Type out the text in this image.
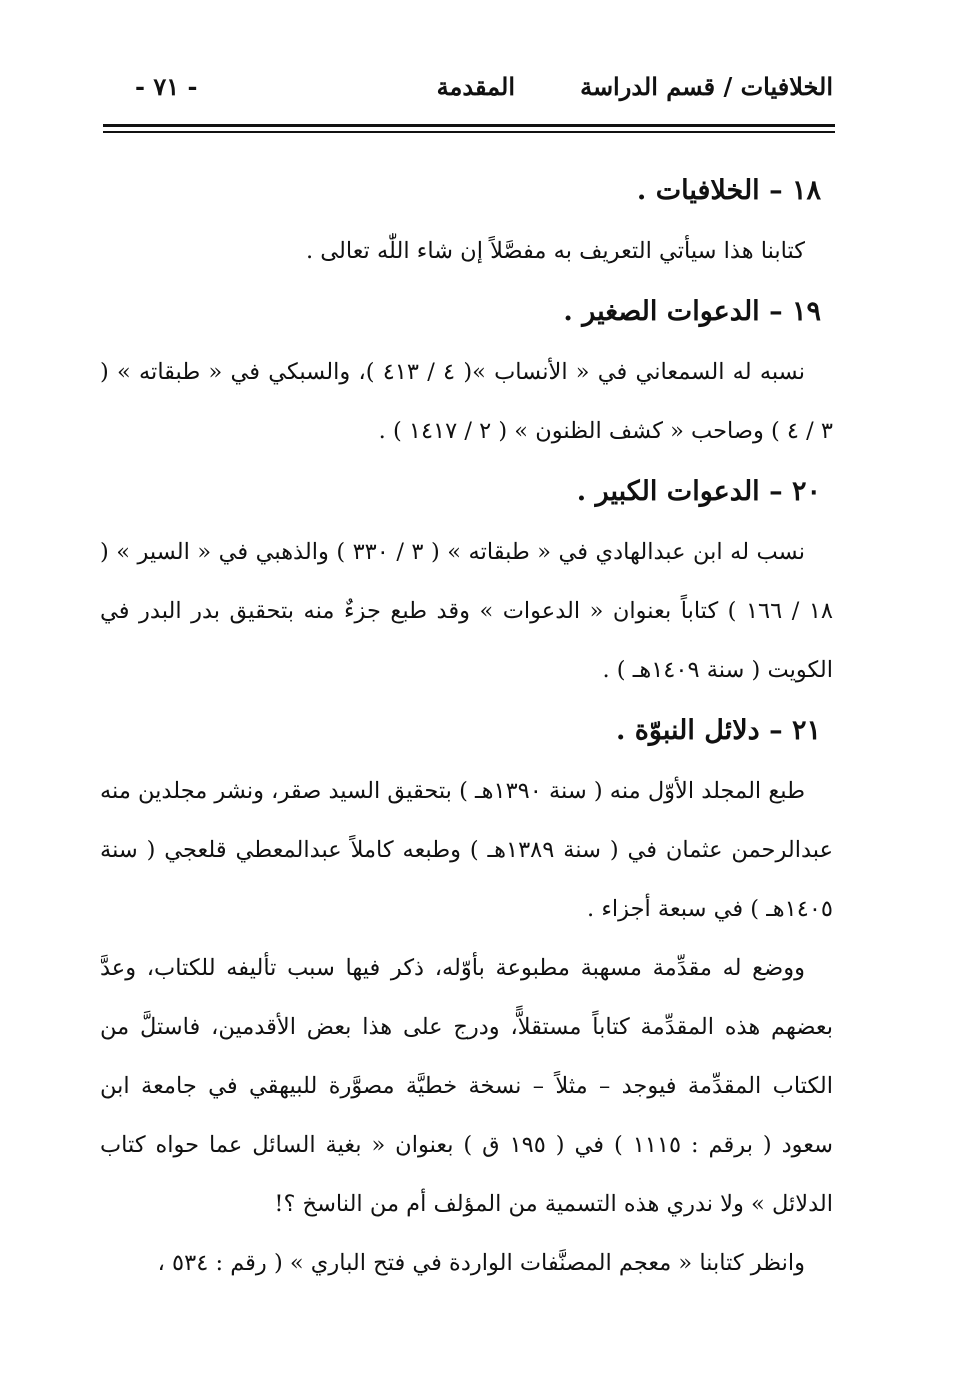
الخلافيات / قسم الدراسة
المقدمة
- ٧١ -

١٨ – الخلافيات .

كتابنا هذا سيأتي التعريف به مفصَّلاً إن شاء اللّٰه تعالى .

١٩ – الدعوات الصغير .

نسبه له السمعاني في « الأنساب »( ٤ / ٤١٣ )، والسبكي في « طبقاته » ( ٣ / ٤ ) وصاحب « كشف الظنون » ( ٢ / ١٤١٧ ) .

٢٠ – الدعوات الكبير .

نسب له ابن عبدالهادي في « طبقاته » ( ٣ / ٣٣٠ ) والذهبي في « السير » ( ١٨ / ١٦٦ ) كتاباً بعنوان « الدعوات » وقد طبع جزءٌ منه بتحقيق بدر البدر في الكويت ( سنة ١٤٠٩هـ ) .

٢١ – دلائل النبوّة .

طبع المجلد الأوّل منه ( سنة ١٣٩٠هـ ) بتحقيق السيد صقر، ونشر مجلدين منه عبدالرحمن عثمان في ( سنة ١٣٨٩هـ ) وطبعه كاملاً عبدالمعطي قلعجي ( سنة ١٤٠٥هـ ) في سبعة أجزاء .

ووضع له مقدِّمة مسهبة مطبوعة بأوّله، ذكر فيها سبب تأليفه للكتاب، وعدَّ بعضهم هذه المقدِّمة كتاباً مستقلاًّ، ودرج على هذا بعض الأقدمين، فاستلَّ من الكتاب المقدِّمة فيوجد – مثلاً – نسخة خطيَّة مصوَّرة للبيهقي في جامعة ابن سعود ( برقم : ١١١٥ ) في ( ١٩٥ ق ) بعنوان « بغية السائل عما حواه كتاب الدلائل » ولا ندري هذه التسمية من المؤلف أم من الناسخ ؟!

وانظر كتابنا « معجم المصنَّفات الواردة في فتح الباري » ( رقم : ٥٣٤ ،
